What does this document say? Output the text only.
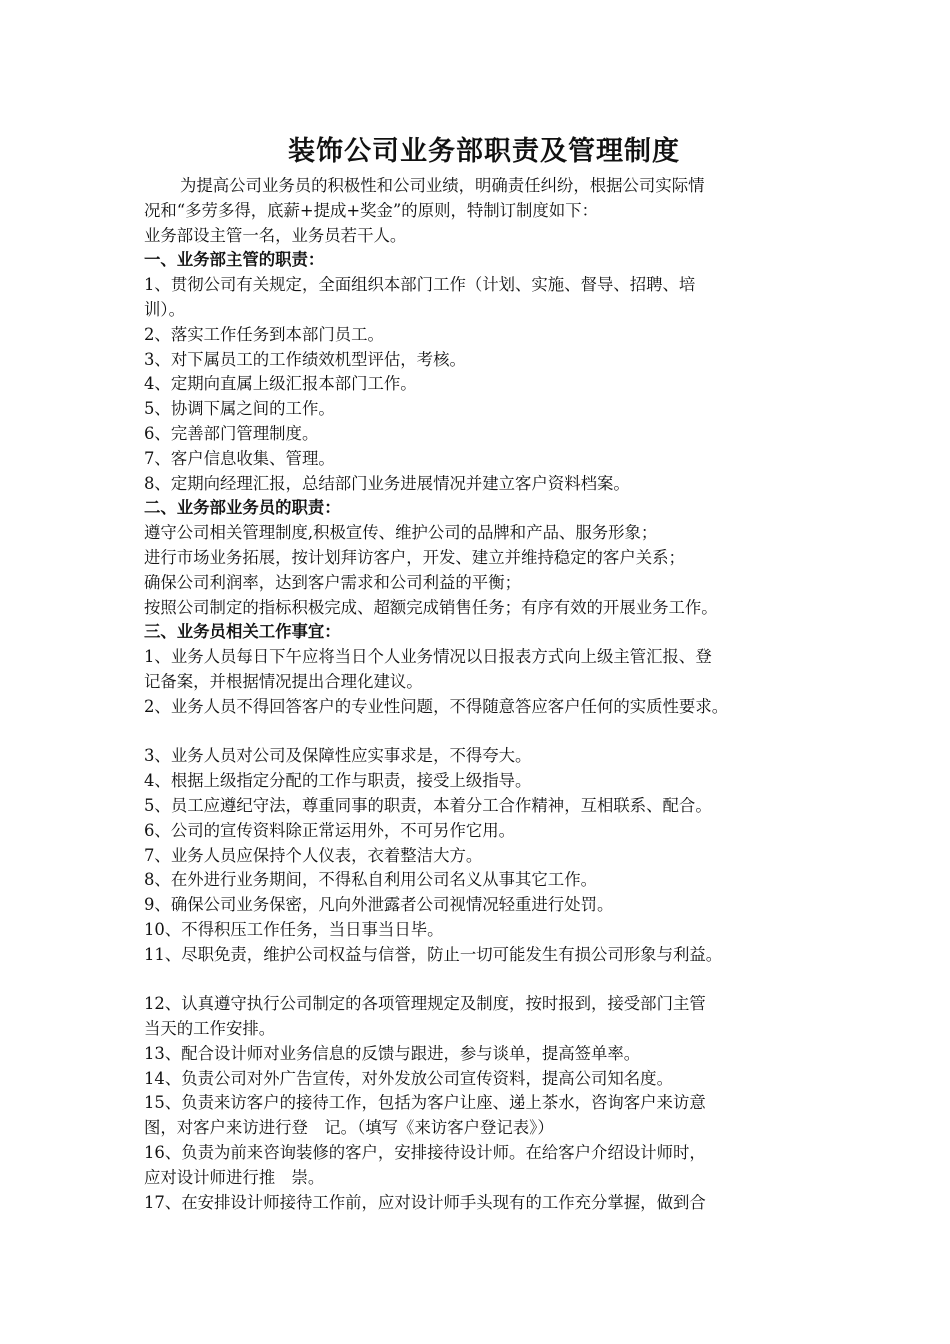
装饰公司业务部职责及管理制度

为提高公司业务员的积极性和公司业绩，明确责任纠纷，根据公司实际情

况和“多劳多得，底薪+提成+奖金”的原则，特制订制度如下：

业务部设主管一名，业务员若干人。

一、业务部主管的职责：

1、贯彻公司有关规定，全面组织本部门工作（计划、实施、督导、招聘、培

训）。

2、落实工作任务到本部门员工。

3、对下属员工的工作绩效机型评估，考核。

4、定期向直属上级汇报本部门工作。

5、协调下属之间的工作。

6、完善部门管理制度。

7、客户信息收集、管理。

8、定期向经理汇报，总结部门业务进展情况并建立客户资料档案。

二、业务部业务员的职责：

遵守公司相关管理制度,积极宣传、维护公司的品牌和产品、服务形象；

进行市场业务拓展，按计划拜访客户，开发、建立并维持稳定的客户关系；

确保公司利润率，达到客户需求和公司利益的平衡；

按照公司制定的指标积极完成、超额完成销售任务；有序有效的开展业务工作。

三、业务员相关工作事宜：

1、业务人员每日下午应将当日个人业务情况以日报表方式向上级主管汇报、登

记备案，并根据情况提出合理化建议。

2、业务人员不得回答客户的专业性问题，不得随意答应客户任何的实质性要求。

3、业务人员对公司及保障性应实事求是，不得夸大。

4、根据上级指定分配的工作与职责，接受上级指导。

5、员工应遵纪守法，尊重同事的职责，本着分工合作精神，互相联系、配合。

6、公司的宣传资料除正常运用外，不可另作它用。

7、业务人员应保持个人仪表，衣着整洁大方。

8、在外进行业务期间，不得私自利用公司名义从事其它工作。

9、确保公司业务保密，凡向外泄露者公司视情况轻重进行处罚。

10、不得积压工作任务，当日事当日毕。

11、尽职免责，维护公司权益与信誉，防止一切可能发生有损公司形象与利益。

12、认真遵守执行公司制定的各项管理规定及制度，按时报到，接受部门主管

当天的工作安排。

13、配合设计师对业务信息的反馈与跟进，参与谈单，提高签单率。

14、负责公司对外广告宣传，对外发放公司宣传资料，提高公司知名度。

15、负责来访客户的接待工作，包括为客户让座、递上茶水，咨询客户来访意

图，对客户来访进行登　记。（填写《来访客户登记表》）

16、负责为前来咨询装修的客户，安排接待设计师。在给客户介绍设计师时，

应对设计师进行推　崇。

17、在安排设计师接待工作前，应对设计师手头现有的工作充分掌握，做到合
